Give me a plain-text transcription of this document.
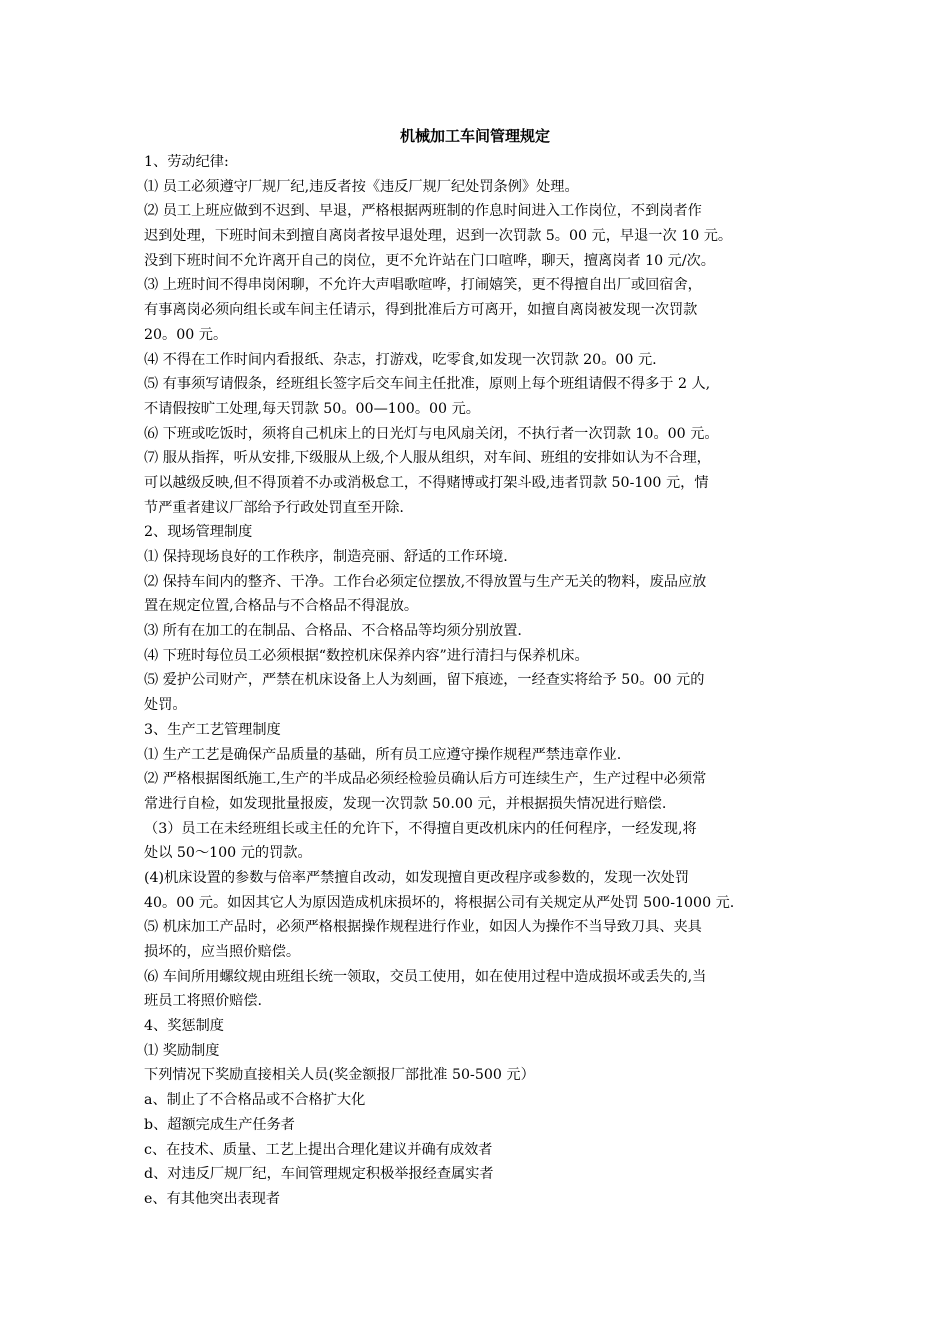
机械加工车间管理规定
1、劳动纪律:
⑴ 员工必须遵守厂规厂纪,违反者按《违反厂规厂纪处罚条例》处理。
⑵ 员工上班应做到不迟到、早退，严格根据两班制的作息时间进入工作岗位，不到岗者作
迟到处理，下班时间未到擅自离岗者按早退处理，迟到一次罚款 5。00 元，早退一次 10 元。
没到下班时间不允许离开自己的岗位，更不允许站在门口喧哗，聊天，擅离岗者 10 元/次。
⑶ 上班时间不得串岗闲聊，不允许大声唱歌喧哗，打闹嬉笑，更不得擅自出厂或回宿舍，
有事离岗必须向组长或车间主任请示，得到批准后方可离开，如擅自离岗被发现一次罚款
20。00 元。
⑷ 不得在工作时间内看报纸、杂志，打游戏，吃零食,如发现一次罚款 20。00 元.
⑸ 有事须写请假条，经班组长签字后交车间主任批准，原则上每个班组请假不得多于 2 人,
不请假按旷工处理,每天罚款 50。00—100。00 元。
⑹ 下班或吃饭时，须将自己机床上的日光灯与电风扇关闭，不执行者一次罚款 10。00 元。
⑺ 服从指挥，听从安排,下级服从上级,个人服从组织，对车间、班组的安排如认为不合理，
可以越级反映,但不得顶着不办或消极怠工，不得赌博或打架斗殴,违者罚款 50-100 元，情
节严重者建议厂部给予行政处罚直至开除.
2、现场管理制度
⑴ 保持现场良好的工作秩序，制造亮丽、舒适的工作环境.
⑵ 保持车间内的整齐、干净。工作台必须定位摆放,不得放置与生产无关的物料，废品应放
置在规定位置,合格品与不合格品不得混放。
⑶ 所有在加工的在制品、合格品、不合格品等均须分别放置.
⑷ 下班时每位员工必须根据“数控机床保养内容”进行清扫与保养机床。
⑸ 爱护公司财产，严禁在机床设备上人为刻画，留下痕迹，一经查实将给予 50。00 元的
处罚。
3、生产工艺管理制度
⑴ 生产工艺是确保产品质量的基础，所有员工应遵守操作规程严禁违章作业.
⑵ 严格根据图纸施工,生产的半成品必须经检验员确认后方可连续生产，生产过程中必须常
常进行自检，如发现批量报废，发现一次罚款 50.00 元，并根据损失情况进行赔偿.
（3）员工在未经班组长或主任的允许下，不得擅自更改机床内的任何程序，一经发现,将
处以 50～100 元的罚款。
(4)机床设置的参数与倍率严禁擅自改动，如发现擅自更改程序或参数的，发现一次处罚
40。00 元。如因其它人为原因造成机床损坏的，将根据公司有关规定从严处罚 500-1000 元.
⑸ 机床加工产品时，必须严格根据操作规程进行作业，如因人为操作不当导致刀具、夹具
损坏的，应当照价赔偿。
⑹ 车间所用螺纹规由班组长统一领取，交员工使用，如在使用过程中造成损坏或丢失的,当
班员工将照价赔偿.
4、奖惩制度
⑴ 奖励制度
下列情况下奖励直接相关人员(奖金额报厂部批准 50-500 元）
a、制止了不合格品或不合格扩大化
b、超额完成生产任务者
c、在技术、质量、工艺上提出合理化建议并确有成效者
d、对违反厂规厂纪，车间管理规定积极举报经查属实者
e、有其他突出表现者
